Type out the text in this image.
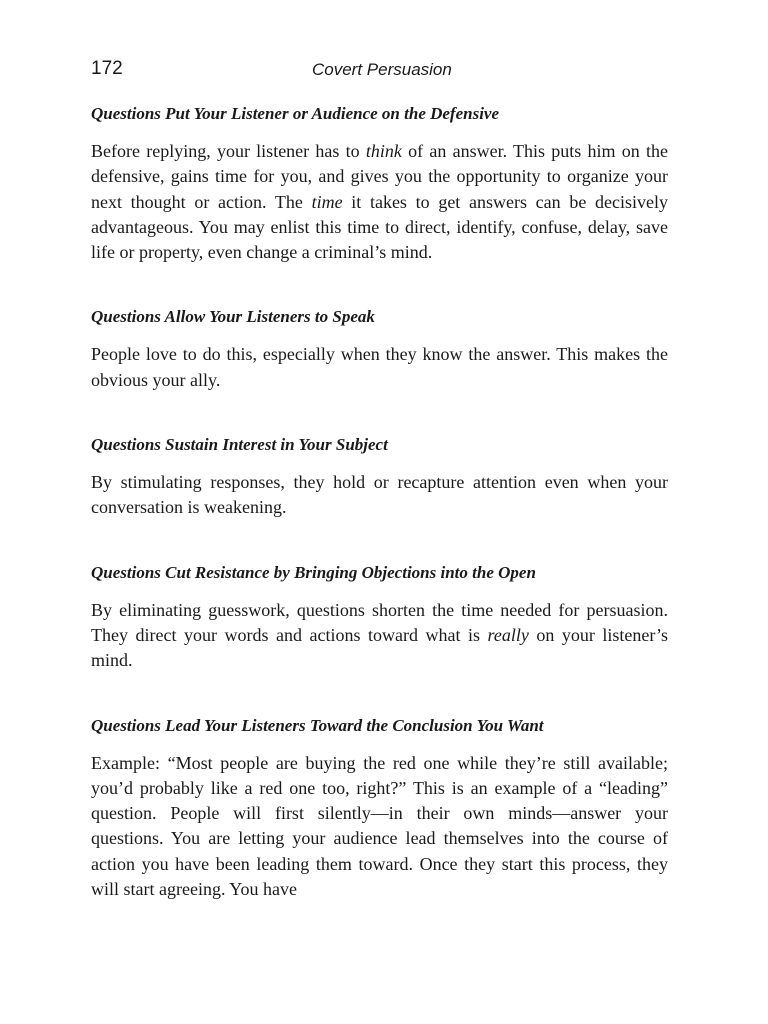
172	Covert Persuasion

Questions Put Your Listener or Audience on the Defensive

Before replying, your listener has to think of an answer. This puts him on the defensive, gains time for you, and gives you the opportunity to organize your next thought or action. The time it takes to get answers can be decisively advantageous. You may enlist this time to direct, identify, confuse, delay, save life or property, even change a criminal’s mind.

Questions Allow Your Listeners to Speak

People love to do this, especially when they know the answer. This makes the obvious your ally.

Questions Sustain Interest in Your Subject

By stimulating responses, they hold or recapture attention even when your conversation is weakening.

Questions Cut Resistance by Bringing Objections into the Open

By eliminating guesswork, questions shorten the time needed for persuasion. They direct your words and actions toward what is really on your listener’s mind.

Questions Lead Your Listeners Toward the Conclusion You Want

Example: “Most people are buying the red one while they’re still available; you’d probably like a red one too, right?” This is an example of a “leading” question. People will first silently—in their own minds—answer your questions. You are letting your audience lead themselves into the course of action you have been leading them toward. Once they start this process, they will start agreeing. You have
